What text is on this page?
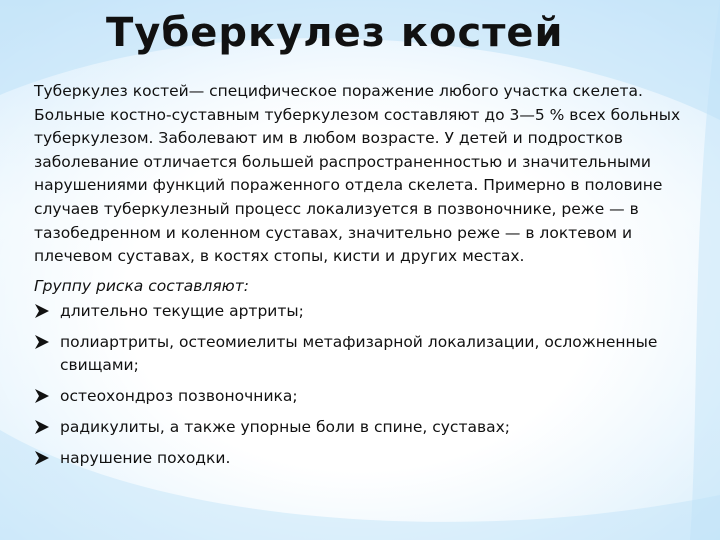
Туберкулез костей

Туберкулез костей— специфическое поражение любого участка скелета. Больные костно-суставным туберкулезом составляют до 3—5 % всех больных туберкулезом. Заболевают им в любом возрасте. У детей и подростков заболевание отличается большей распространенностью и значительными нарушениями функций пораженного отдела скелета. Примерно в половине случаев туберкулезный процесс локализуется в позвоночнике, реже — в тазобедренном и коленном суставах, значительно реже — в локтевом и плечевом суставах, в костях стопы, кисти и других местах.

Группу риска составляют:
длительно текущие артриты;
полиартриты, остеомиелиты метафизарной локализации, осложненные свищами;
остеохондроз позвоночника;
радикулиты, а также упорные боли в спине, суставах;
нарушение походки.
